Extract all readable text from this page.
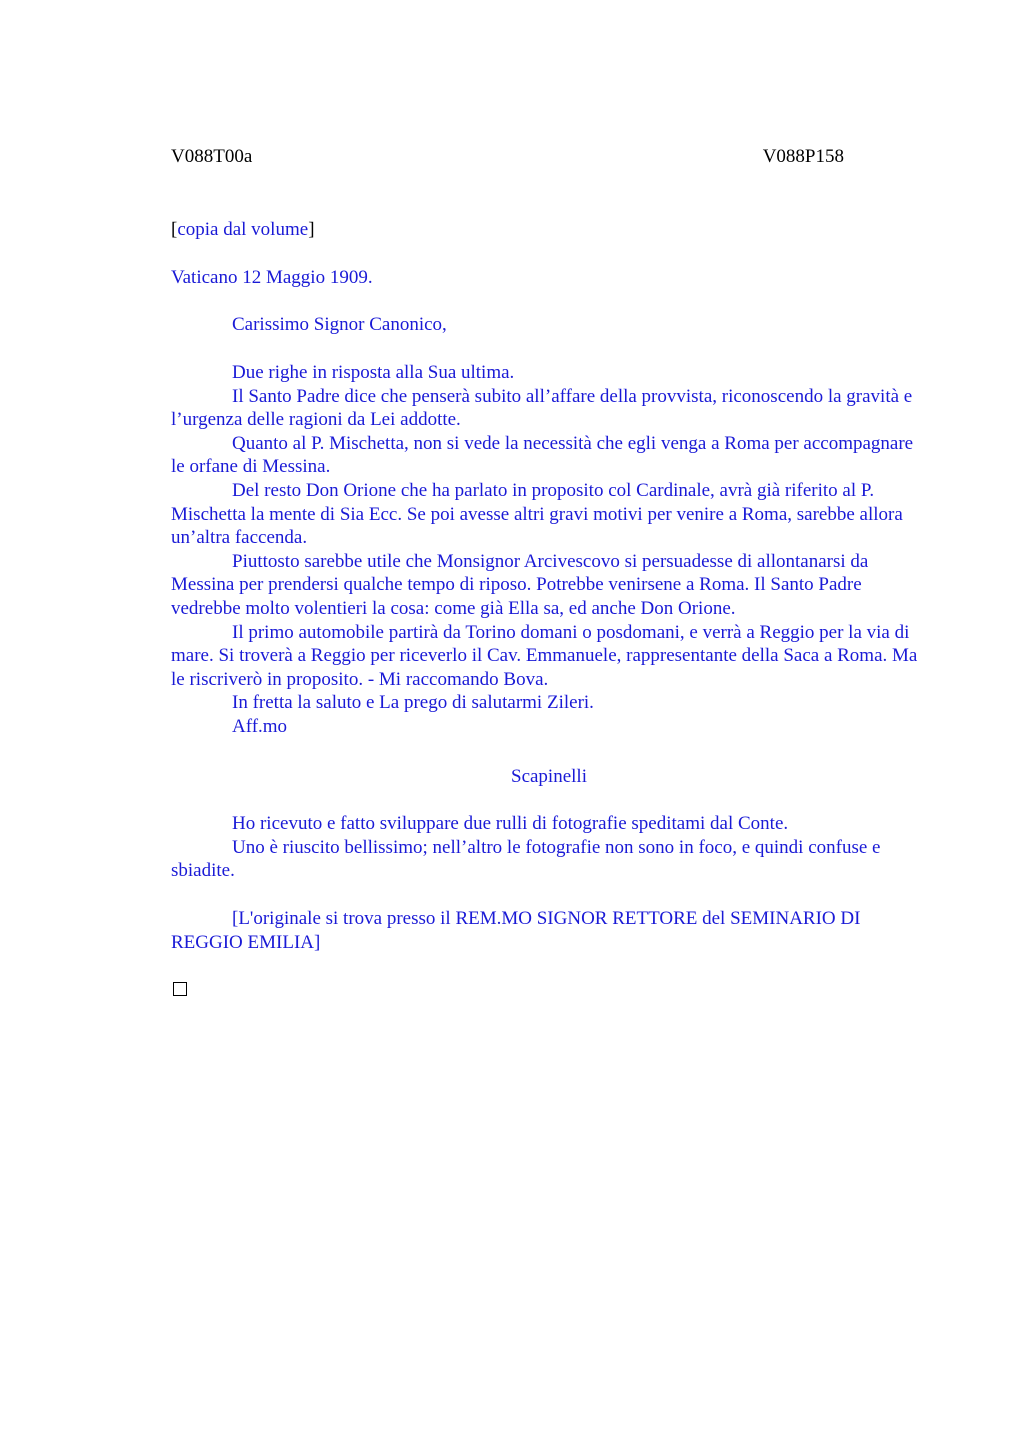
V088T00a	V088P158

[copia dal volume]

Vaticano 12 Maggio 1909.

Carissimo Signor Canonico,

Due righe in risposta alla Sua ultima.

Il Santo Padre dice che penserà subito all’affare della provvista, riconoscendo la gravità e l’urgenza delle ragioni da Lei addotte.

Quanto al P. Mischetta, non si vede la necessità che egli venga a Roma per accompagnare le orfane di Messina.

Del resto Don Orione che ha parlato in proposito col Cardinale, avrà già riferito al P. Mischetta la mente di Sia Ecc. Se poi avesse altri gravi motivi per venire a Roma, sarebbe allora un’altra faccenda.

Piuttosto sarebbe utile che Monsignor Arcivescovo si persuadesse di allontanarsi da Messina per prendersi qualche tempo di riposo. Potrebbe venirsene a Roma. Il Santo Padre vedrebbe molto volentieri la cosa: come già Ella sa, ed anche Don Orione.

Il primo automobile partirà da Torino domani o posdomani, e verrà a Reggio per la via di mare. Si troverà a Reggio per riceverlo il Cav. Emmanuele, rappresentante della Saca a Roma. Ma le riscriverò in proposito. - Mi raccomando Bova.

In fretta la saluto e La prego di salutarmi Zileri.

Aff.mo

Scapinelli

Ho ricevuto e fatto sviluppare due rulli di fotografie speditami dal Conte.

Uno è riuscito bellissimo; nell’altro le fotografie non sono in foco, e quindi confuse e sbiadite.

[L'originale si trova presso il REM.MO SIGNOR RETTORE del SEMINARIO DI REGGIO EMILIA]
